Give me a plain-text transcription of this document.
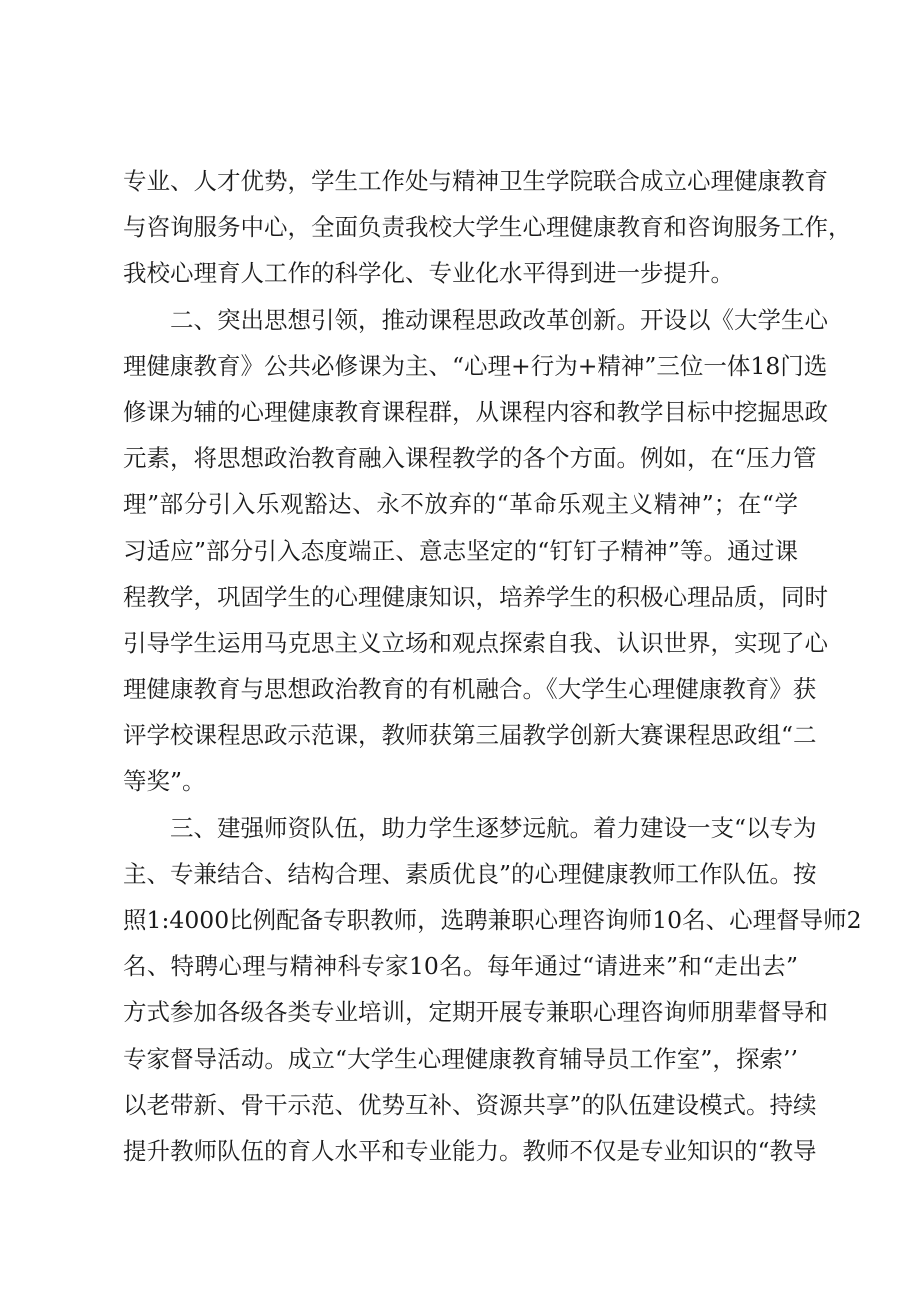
专业、人才优势，学生工作处与精神卫生学院联合成立心理健康教育
与咨询服务中心，全面负责我校大学生心理健康教育和咨询服务工作，
我校心理育人工作的科学化、专业化水平得到进一步提升。
二、突出思想引领，推动课程思政改革创新。开设以《大学生心
理健康教育》公共必修课为主、“心理+行为+精神”三位一体18门选
修课为辅的心理健康教育课程群，从课程内容和教学目标中挖掘思政
元素，将思想政治教育融入课程教学的各个方面。例如，在“压力管
理”部分引入乐观豁达、永不放弃的“革命乐观主义精神”；在“学
习适应”部分引入态度端正、意志坚定的“钉钉子精神”等。通过课
程教学，巩固学生的心理健康知识，培养学生的积极心理品质，同时
引导学生运用马克思主义立场和观点探索自我、认识世界，实现了心
理健康教育与思想政治教育的有机融合。《大学生心理健康教育》获
评学校课程思政示范课，教师获第三届教学创新大赛课程思政组“二
等奖”。
三、建强师资队伍，助力学生逐梦远航。着力建设一支“以专为
主、专兼结合、结构合理、素质优良”的心理健康教师工作队伍。按
照1:4000比例配备专职教师，选聘兼职心理咨询师10名、心理督导师2
名、特聘心理与精神科专家10名。每年通过“请进来”和“走出去”
方式参加各级各类专业培训，定期开展专兼职心理咨询师朋辈督导和
专家督导活动。成立“大学生心理健康教育辅导员工作室”，探索’’
以老带新、骨干示范、优势互补、资源共享”的队伍建设模式。持续
提升教师队伍的育人水平和专业能力。教师不仅是专业知识的“教导
